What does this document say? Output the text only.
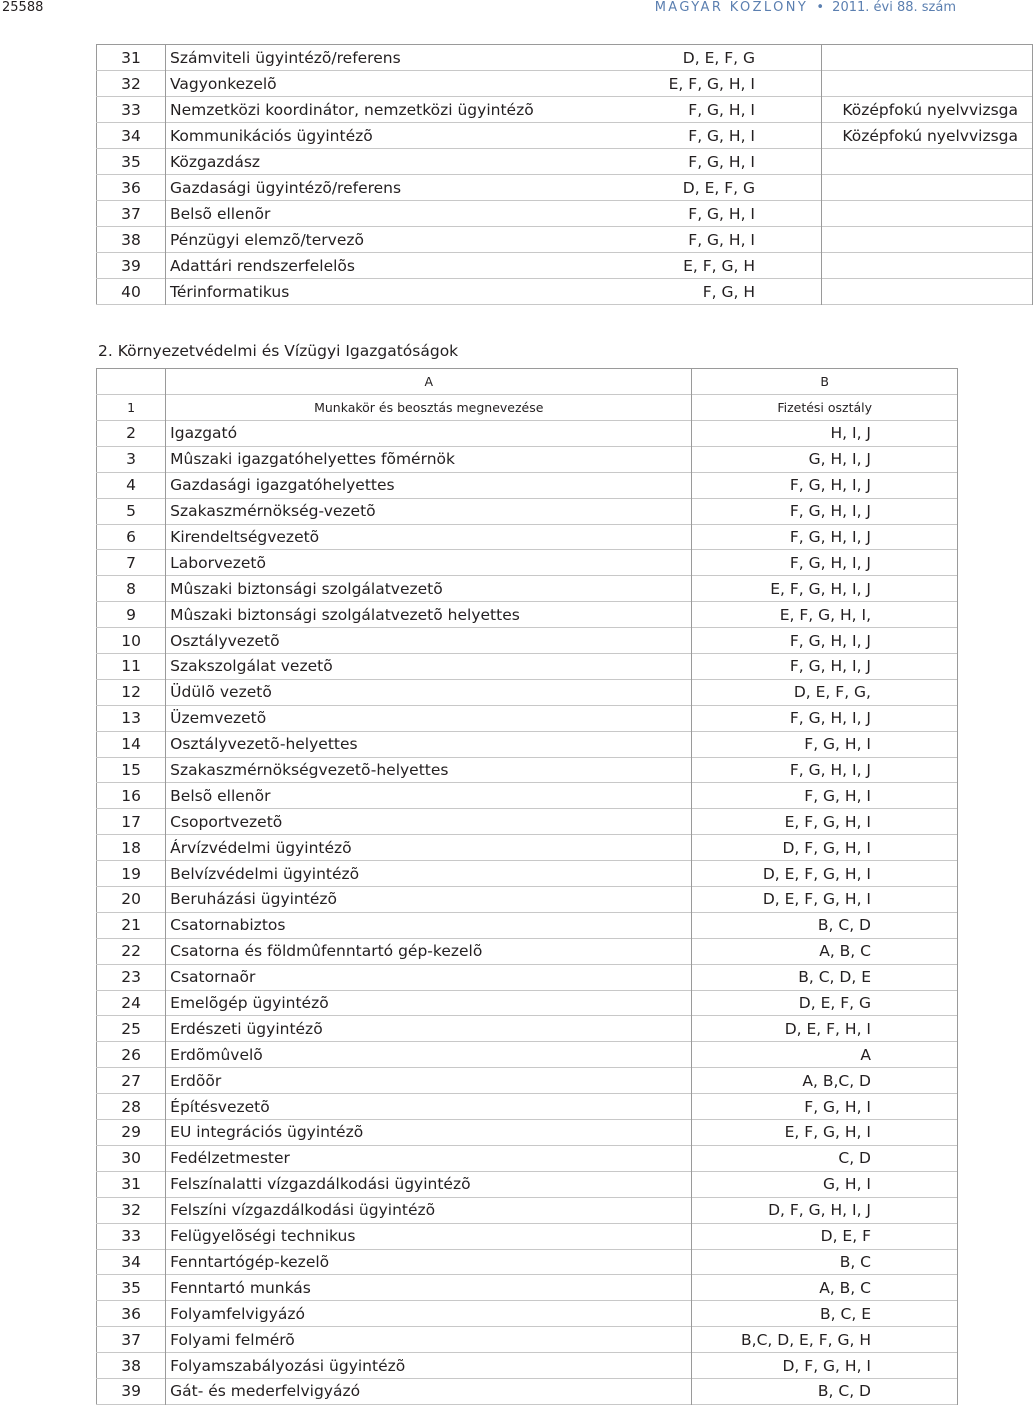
25588	MAGYAR KÖZLÖNY • 2011. évi 88. szám
31	Számviteli ügyintézõ/referens	D, E, F, G	
32	Vagyonkezelõ	E, F, G, H, I	
33	Nemzetközi koordinátor, nemzetközi ügyintézõ	F, G, H, I	Középfokú nyelvvizsga
34	Kommunikációs ügyintézõ	F, G, H, I	Középfokú nyelvvizsga
35	Közgazdász	F, G, H, I	
36	Gazdasági ügyintézõ/referens	D, E, F, G	
37	Belsõ ellenõr	F, G, H, I	
38	Pénzügyi elemzõ/tervezõ	F, G, H, I	
39	Adattári rendszerfelelõs	E, F, G, H	
40	Térinformatikus	F, G, H	
2. Környezetvédelmi és Vízügyi Igazgatóságok
	A	B
1	Munkakör és beosztás megnevezése	Fizetési osztály
2	Igazgató	H, I, J
3	Mûszaki igazgatóhelyettes fõmérnök	G, H, I, J
4	Gazdasági igazgatóhelyettes	F, G, H, I, J
5	Szakaszmérnökség-vezetõ	F, G, H, I, J
6	Kirendeltségvezetõ	F, G, H, I, J
7	Laborvezetõ	F, G, H, I, J
8	Mûszaki biztonsági szolgálatvezetõ	E, F, G, H, I, J
9	Mûszaki biztonsági szolgálatvezetõ helyettes	E, F, G, H, I,
10	Osztályvezetõ	F, G, H, I, J
11	Szakszolgálat vezetõ	F, G, H, I, J
12	Üdülõ vezetõ	D, E, F, G,
13	Üzemvezetõ	F, G, H, I, J
14	Osztályvezetõ-helyettes	F, G, H, I
15	Szakaszmérnökségvezetõ-helyettes	F, G, H, I, J
16	Belsõ ellenõr	F, G, H, I
17	Csoportvezetõ	E, F, G, H, I
18	Árvízvédelmi ügyintézõ	D, F, G, H, I
19	Belvízvédelmi ügyintézõ	D, E, F, G, H, I
20	Beruházási ügyintézõ	D, E, F, G, H, I
21	Csatornabiztos	B, C, D
22	Csatorna és földmûfenntartó gép-kezelõ	A, B, C
23	Csatornaõr	B, C, D, E
24	Emelõgép ügyintézõ	D, E, F, G
25	Erdészeti ügyintézõ	D, E, F, H, I
26	Erdõmûvelõ	A
27	Erdõõr	A, B,C, D
28	Építésvezetõ	F, G, H, I
29	EU integrációs ügyintézõ	E, F, G, H, I
30	Fedélzetmester	C, D
31	Felszínalatti vízgazdálkodási ügyintézõ	G, H, I
32	Felszíni vízgazdálkodási ügyintézõ	D, F, G, H, I, J
33	Felügyelõségi technikus	D, E, F
34	Fenntartógép-kezelõ	B, C
35	Fenntartó munkás	A, B, C
36	Folyamfelvigyázó	B, C, E
37	Folyami felmérõ	B,C, D, E, F, G, H
38	Folyamszabályozási ügyintézõ	D, F, G, H, I
39	Gát- és mederfelvigyázó	B, C, D
